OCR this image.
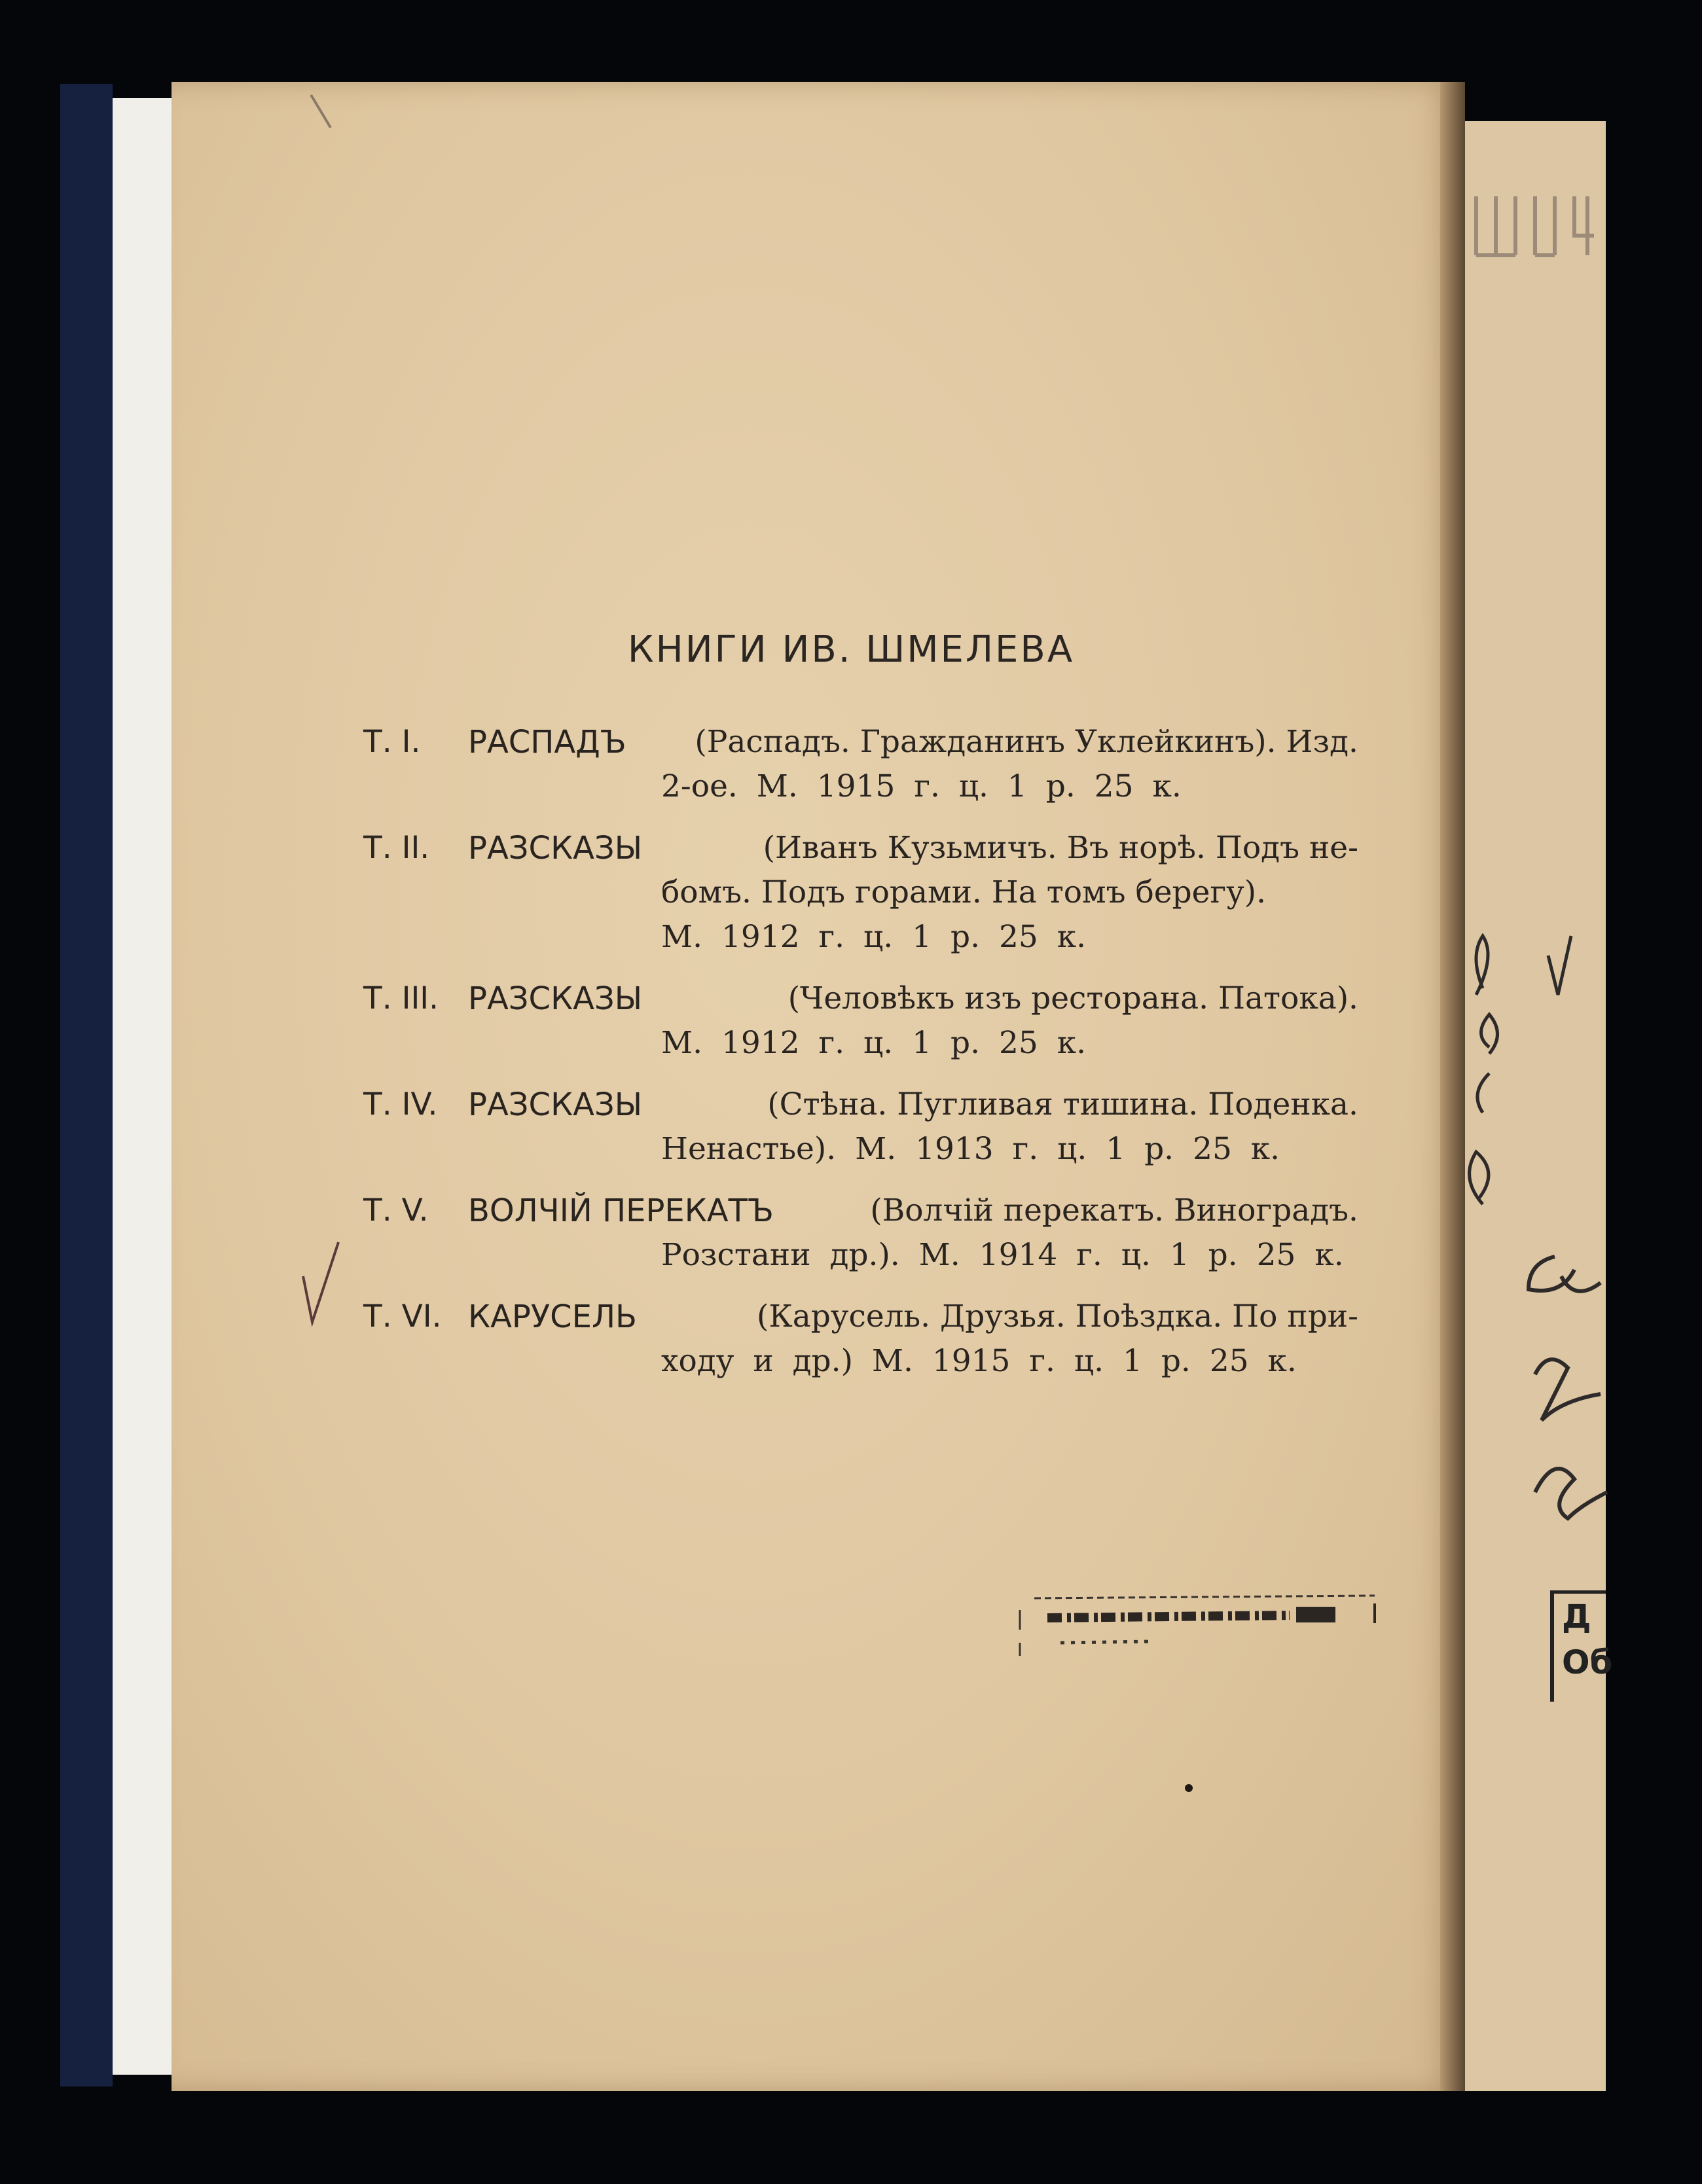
Д
Об
КНИГИ ИВ. ШМЕЛЕВА
Т. I.	РАСПАДЪ (Распадъ. Гражданинъ Уклейкинъ). Изд.
2-ое. М. 1915 г. ц. 1 р. 25 к.
Т. II.	РАЗСКАЗЫ	(Иванъ Кузьмичъ. Въ норѣ. Подъ не-
бомъ. Подъ горами. На томъ берегу).
М. 1912 г. ц. 1 р. 25 к.
Т. III. РАЗСКАЗЫ	(Человѣкъ изъ ресторана. Патока).
М. 1912 г. ц. 1 р. 25 к.
Т. IV. РАЗСКАЗЫ	(Стѣна. Пугливая тишина. Поденка.
Ненастье). М. 1913 г. ц. 1 р. 25 к.
Т. V.	ВОЛЧІЙ ПЕРЕКАТЪ	(Волчій перекатъ. Виноградъ.
Розстани др.). М. 1914 г. ц. 1 р. 25 к.
Т. VI. КАРУСЕЛЬ	(Карусель. Друзья. Поѣздка. По при-
ходу и др.) М. 1915 г. ц. 1 р. 25 к.
